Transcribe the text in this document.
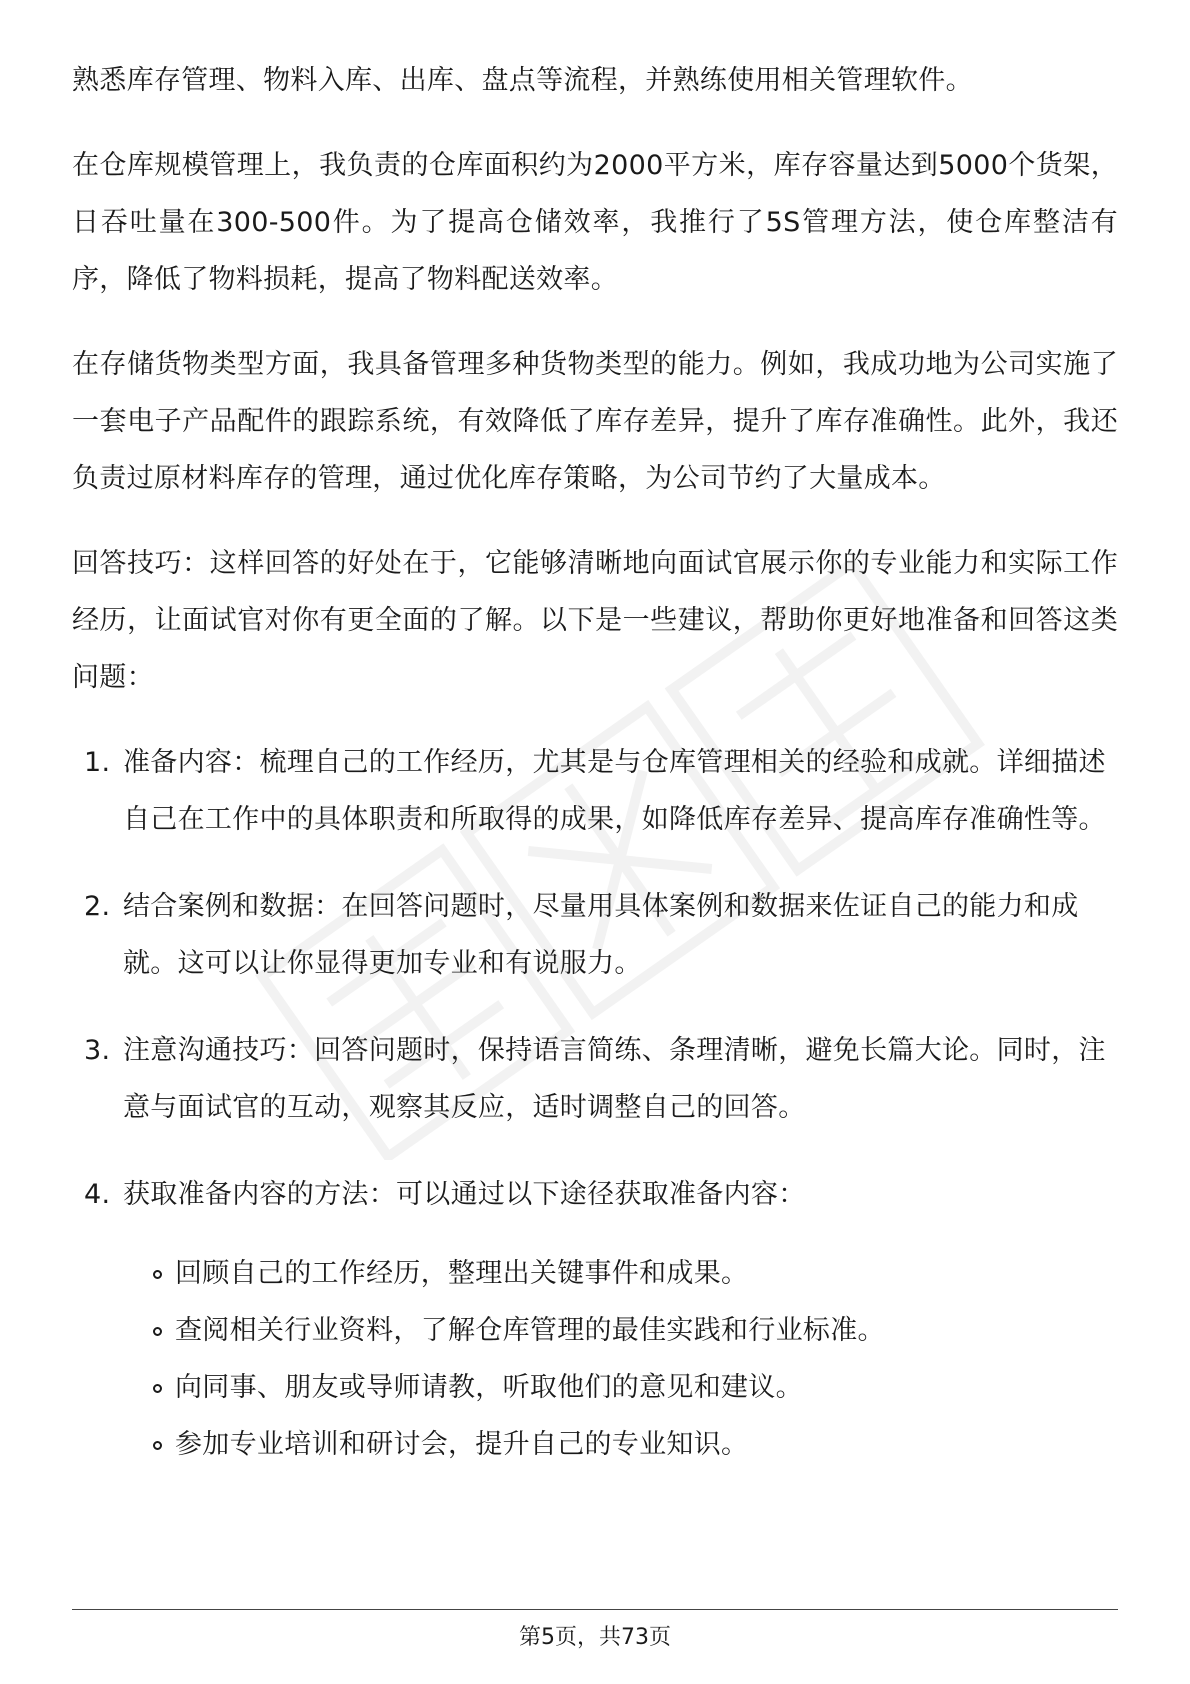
熟悉库存管理、物料入库、出库、盘点等流程，并熟练使用相关管理软件。

在仓库规模管理上，我负责的仓库面积约为2000平方米，库存容量达到5000个货架，日吞吐量在300-500件。为了提高仓储效率，我推行了5S管理方法，使仓库整洁有序，降低了物料损耗，提高了物料配送效率。

在存储货物类型方面，我具备管理多种货物类型的能力。例如，我成功地为公司实施了一套电子产品配件的跟踪系统，有效降低了库存差异，提升了库存准确性。此外，我还负责过原材料库存的管理，通过优化库存策略，为公司节约了大量成本。

回答技巧：这样回答的好处在于，它能够清晰地向面试官展示你的专业能力和实际工作经历，让面试官对你有更全面的了解。以下是一些建议，帮助你更好地准备和回答这类问题：

1. 准备内容：梳理自己的工作经历，尤其是与仓库管理相关的经验和成就。详细描述自己在工作中的具体职责和所取得的成果，如降低库存差异、提高库存准确性等。
2. 结合案例和数据：在回答问题时，尽量用具体案例和数据来佐证自己的能力和成就。这可以让你显得更加专业和有说服力。
3. 注意沟通技巧：回答问题时，保持语言简练、条理清晰，避免长篇大论。同时，注意与面试官的互动，观察其反应，适时调整自己的回答。
4. 获取准备内容的方法：可以通过以下途径获取准备内容：
回顾自己的工作经历，整理出关键事件和成果。
查阅相关行业资料，了解仓库管理的最佳实践和行业标准。
向同事、朋友或导师请教，听取他们的意见和建议。
参加专业培训和研讨会，提升自己的专业知识。
第5页，共73页
